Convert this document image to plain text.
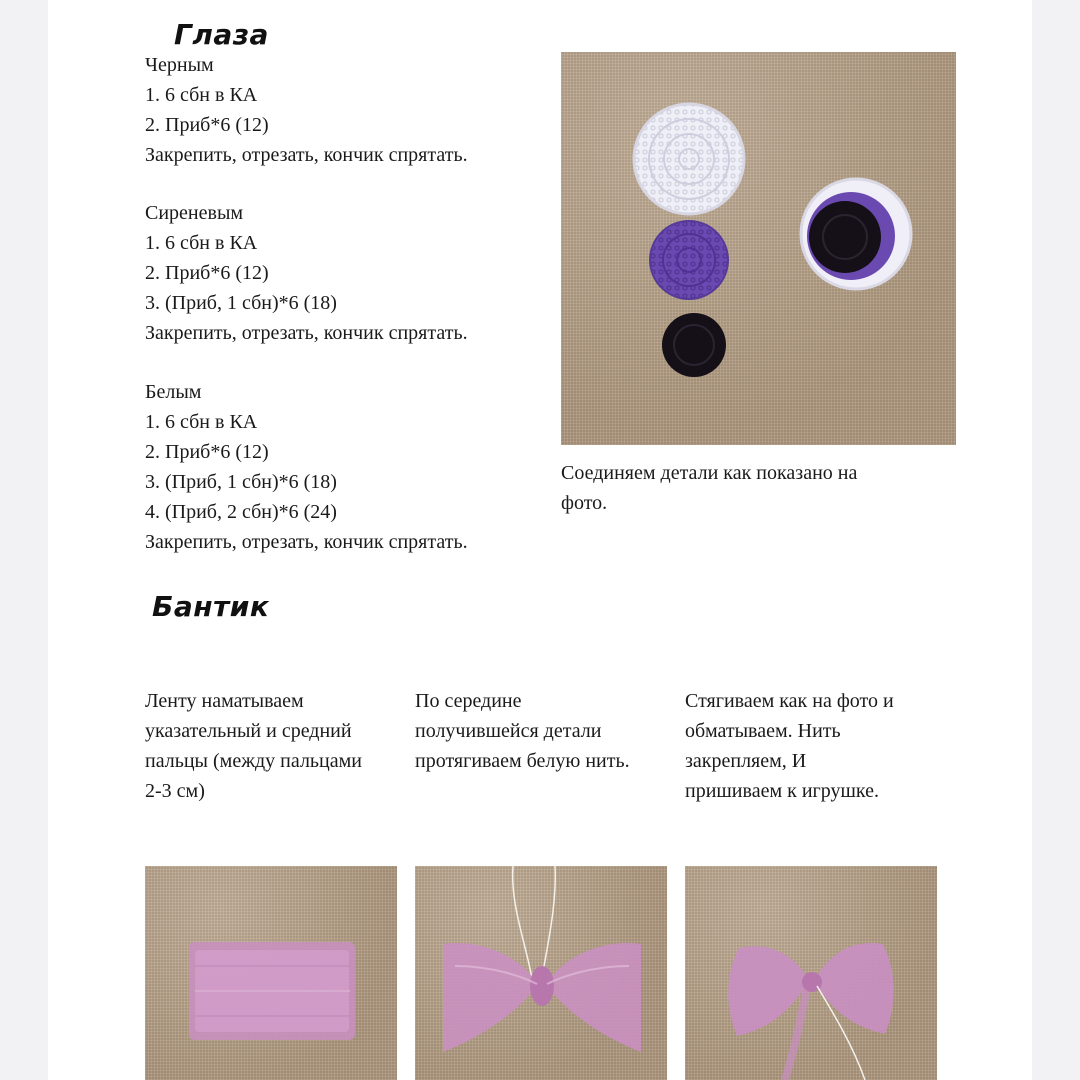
Глаза
Черным
1. 6 сбн в КА
2. Приб*6 (12)
Закрепить, отрезать, кончик спрятать.
Сиреневым
1. 6 сбн в КА
2. Приб*6 (12)
3. (Приб, 1 сбн)*6 (18)
Закрепить, отрезать, кончик спрятать.
Белым
1. 6 сбн в КА
2. Приб*6 (12)
3. (Приб, 1 сбн)*6 (18)
4. (Приб, 2 сбн)*6 (24)
Закрепить, отрезать, кончик спрятать.
Соединяем детали как показано на
фото.
Бантик
Ленту наматываем
указательный и средний
пальцы (между пальцами
2-3 см)
По середине
получившейся детали
протягиваем белую нить.
Стягиваем как на фото и
обматываем. Нить
закрепляем, И
пришиваем к игрушке.
